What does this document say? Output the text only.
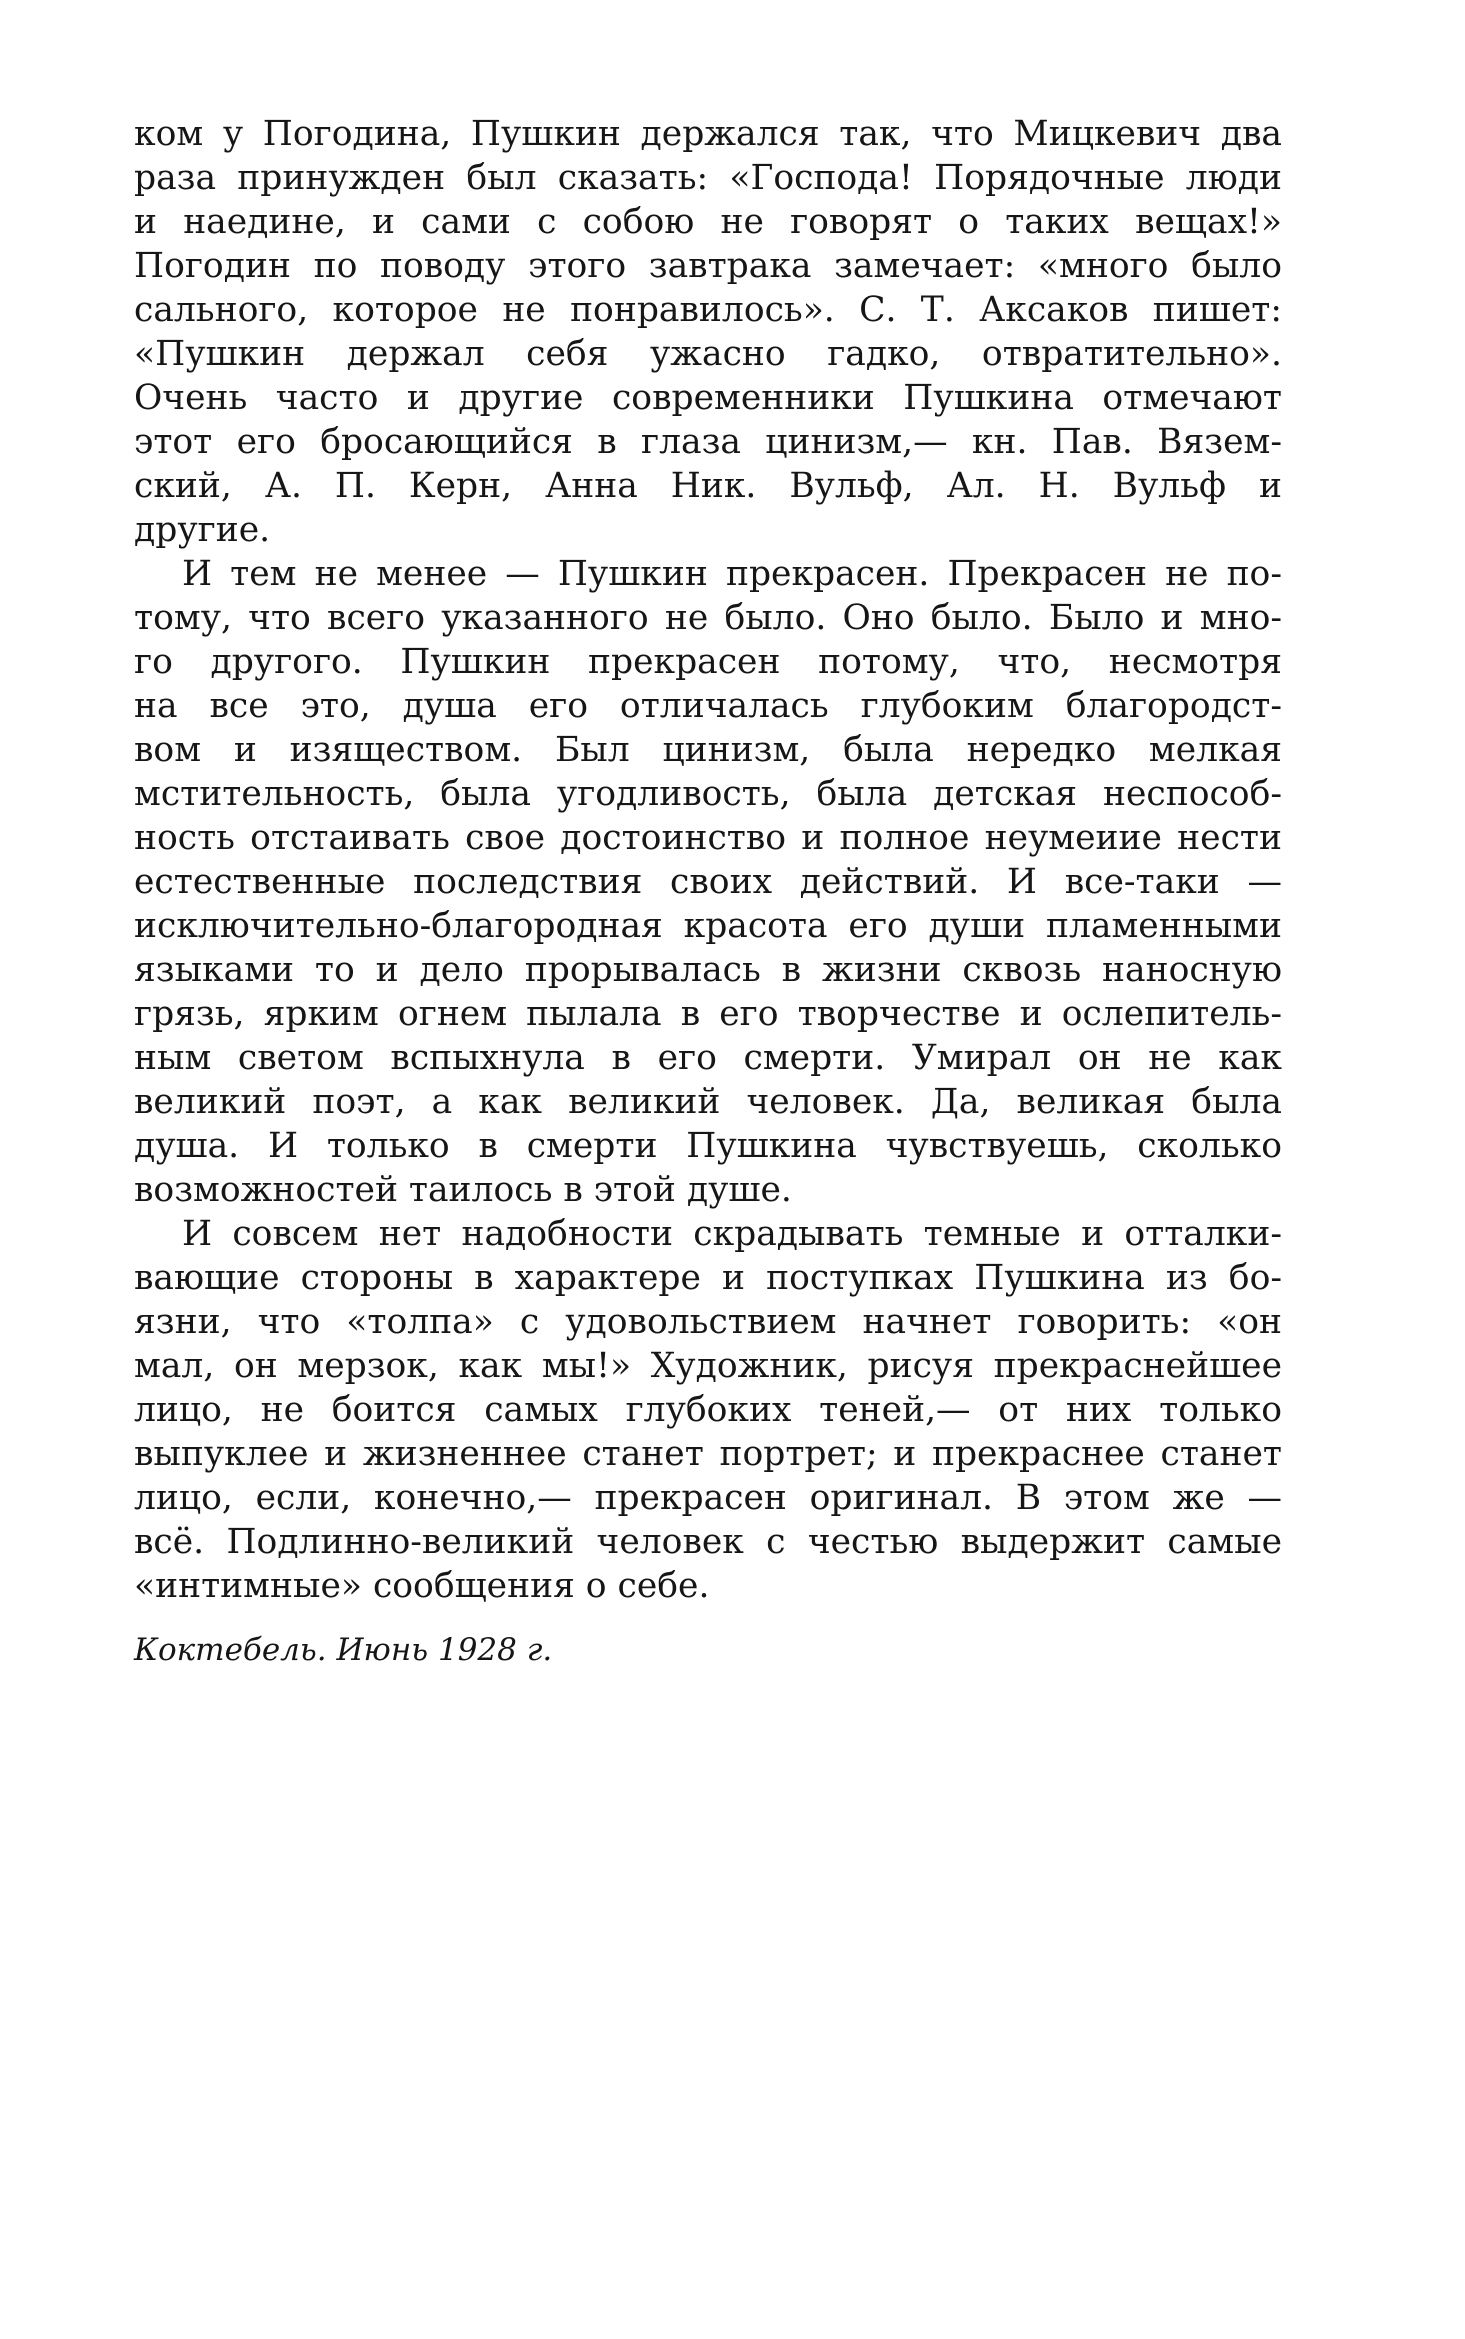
ком у Погодина, Пушкин держался так, что Мицкевич два
раза принужден был сказать: «Господа! Порядочные люди
и наедине, и сами с собою не говорят о таких вещах!»
Погодин по поводу этого завтрака замечает: «много было
сального, которое не понравилось». С. Т. Аксаков пишет:
«Пушкин держал себя ужасно гадко, отвратительно».
Очень часто и другие современники Пушкина отмечают
этот его бросающийся в глаза цинизм,— кн. Пав. Вязем-
ский, А. П. Керн, Анна Ник. Вульф, Ал. Н. Вульф и
другие.
И тем не менее — Пушкин прекрасен. Прекрасен не по-
тому, что всего указанного не было. Оно было. Было и мно-
го другого. Пушкин прекрасен потому, что, несмотря
на все это, душа его отличалась глубоким благородст-
вом и изяществом. Был цинизм, была нередко мелкая
мстительность, была угодливость, была детская неспособ-
ность отстаивать свое достоинство и полное неумеиие нести
естественные последствия своих действий. И все-таки —
исключительно-благородная красота его души пламенными
языками то и дело прорывалась в жизни сквозь наносную
грязь, ярким огнем пылала в его творчестве и ослепитель-
ным светом вспыхнула в его смерти. Умирал он не как
великий поэт, а как великий человек. Да, великая была
душа. И только в смерти Пушкина чувствуешь, сколько
возможностей таилось в этой душе.
И совсем нет надобности скрадывать темные и отталки-
вающие стороны в характере и поступках Пушкина из бо-
язни, что «толпа» с удовольствием начнет говорить: «он
мал, он мерзок, как мы!» Художник, рисуя прекраснейшее
лицо, не боится самых глубоких теней,— от них только
выпуклее и жизненнее станет портрет; и прекраснее станет
лицо, если, конечно,— прекрасен оригинал. В этом же —
всё. Подлинно-великий человек с честью выдержит самые
«интимные» сообщения о себе.
Коктебель. Июнь 1928 г.
